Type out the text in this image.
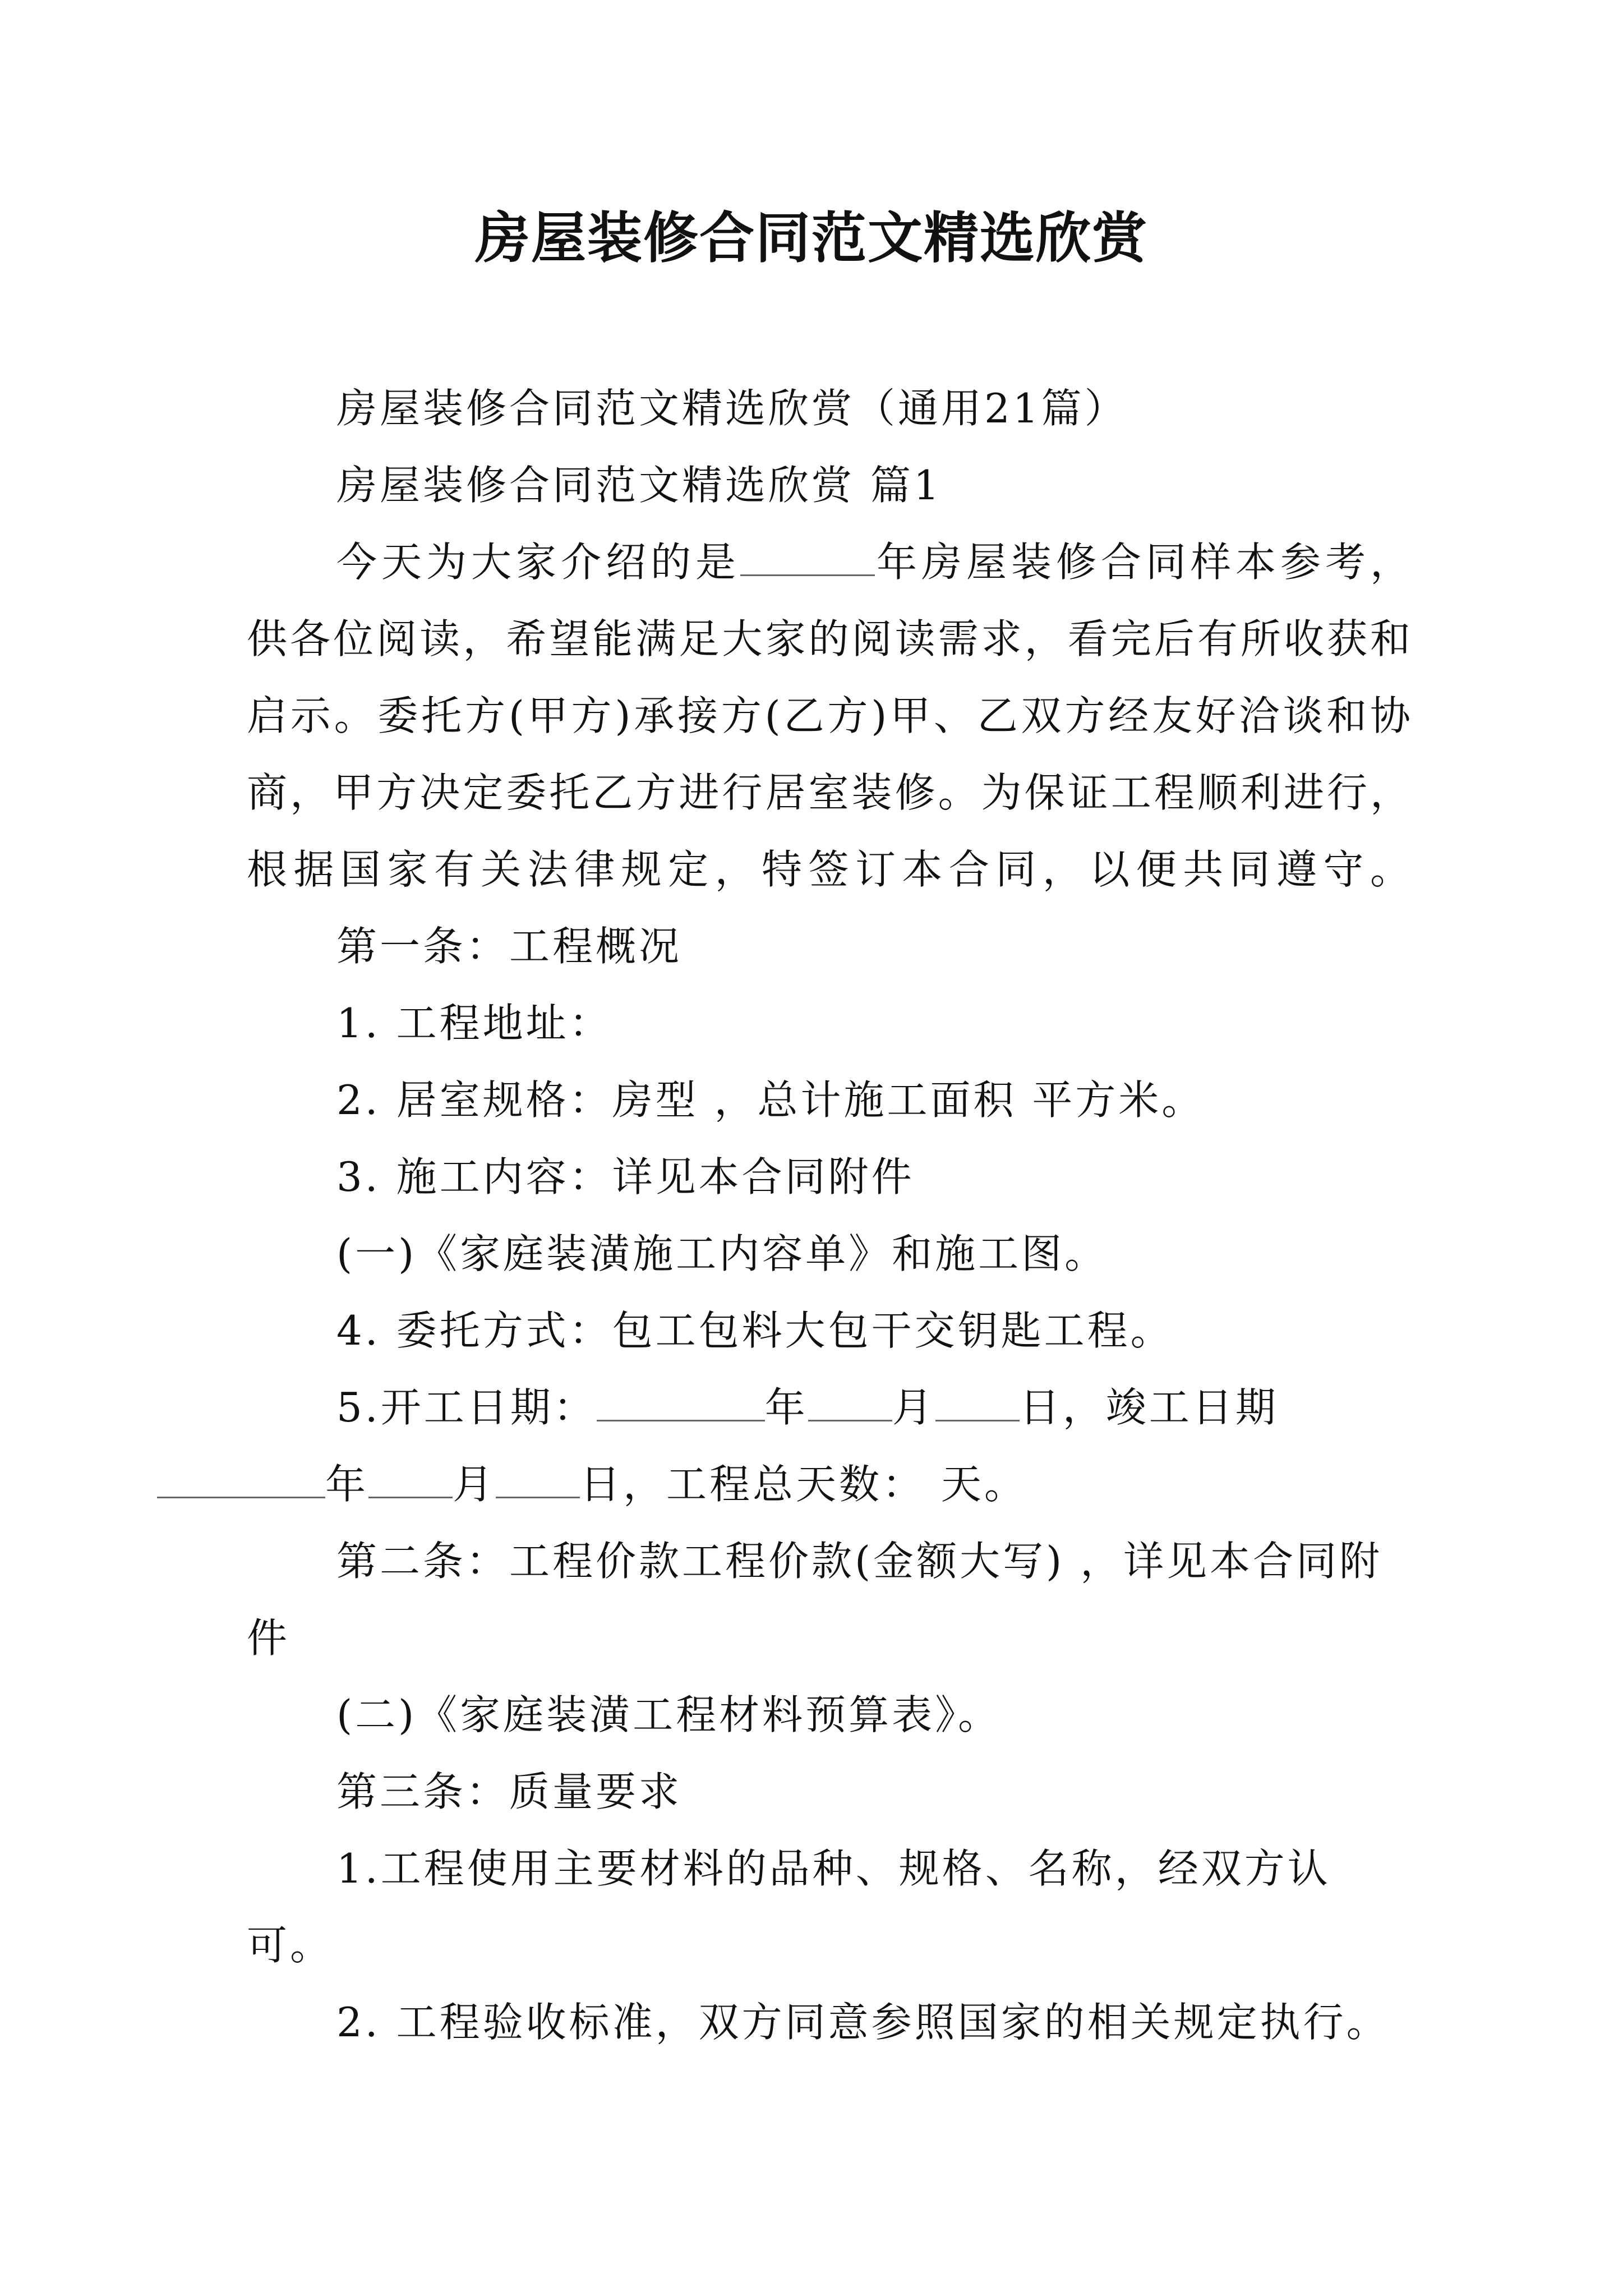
房屋装修合同范文精选欣赏

房屋装修合同范文精选欣赏（通用21篇）

房屋装修合同范文精选欣赏 篇1

今天为大家介绍的是	年房屋装修合同样本参考，供各位阅读，希望能满足大家的阅读需求，看完后有所收获和启示。委托方(甲方)承接方(乙方)甲、乙双方经友好洽谈和协商，甲方决定委托乙方进行居室装修。为保证工程顺利进行，根据国家有关法律规定，特签订本合同，以便共同遵守。

第一条：工程概况

1. 工程地址：

2. 居室规格：房型 ，总计施工面积 平方米。

3. 施工内容：详见本合同附件

(一)《家庭装潢施工内容单》和施工图。

4. 委托方式：包工包料大包干交钥匙工程。

5.开工日期：	年 月 日，竣工日期
年 月 日，工程总天数： 天。

第二条：工程价款工程价款(金额大写) ，详见本合同附件

(二)《家庭装潢工程材料预算表》。

第三条：质量要求

1.工程使用主要材料的品种、规格、名称，经双方认可。

2. 工程验收标准，双方同意参照国家的相关规定执行。
